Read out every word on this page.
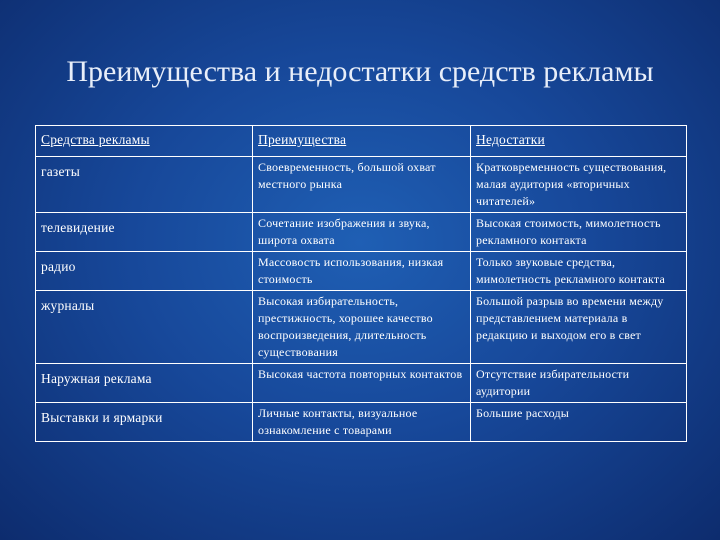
Преимущества и недостатки средств рекламы
Средства рекламы	Преимущества	Недостатки
газеты	Своевременность, большой охват местного рынка	Кратковременность существования, малая аудитория «вторичных читателей»
телевидение	Сочетание изображения и звука, широта охвата	Высокая стоимость, мимолетность рекламного контакта
радио	Массовость использования, низкая стоимость	Только звуковые средства, мимолетность рекламного контакта
журналы	Высокая избирательность, престижность, хорошее качество воспроизведения, длительность существования	Большой разрыв во времени между представлением материала в редакцию и выходом его в свет
Наружная реклама	Высокая частота повторных контактов	Отсутствие избирательности аудитории
Выставки и ярмарки	Личные контакты, визуальное ознакомление с товарами	Большие расходы
